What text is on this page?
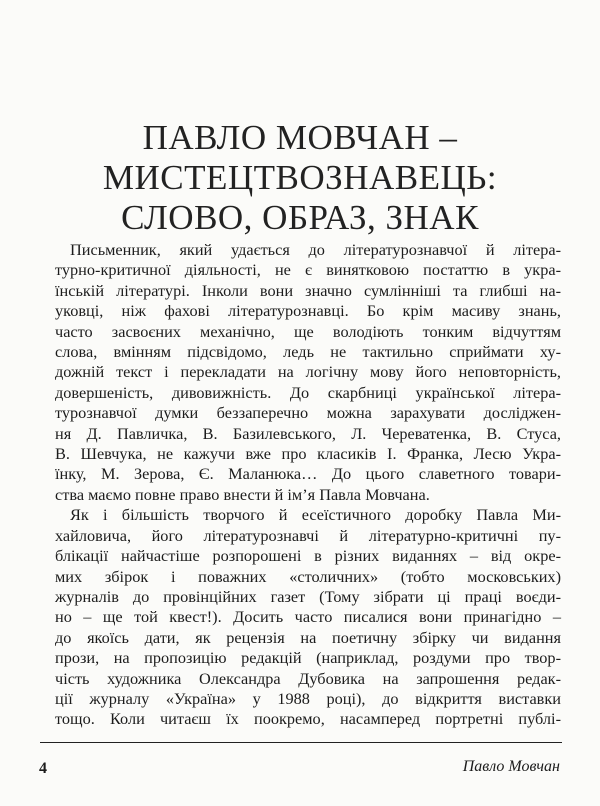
ПАВЛО МОВЧАН –
МИСТЕЦТВОЗНАВЕЦЬ:
СЛОВО, ОБРАЗ, ЗНАК
Письменник, який удається до літературознавчої й літера-
турно-критичної діяльності, не є винятковою постаттю в укра-
їнській літературі. Інколи вони значно сумлінніші та глибші на-
уковці, ніж фахові літературознавці. Бо крім масиву знань,
часто засвоєних механічно, ще володіють тонким відчуттям
слова, вмінням підсвідомо, ледь не тактильно сприймати ху-
дожній текст і перекладати на логічну мову його неповторність,
довершеність, дивовижність. До скарбниці української літера-
турознавчої думки беззаперечно можна зарахувати досліджен-
ня Д. Павличка, В. Базилевського, Л. Череватенка, В. Стуса,
В. Шевчука, не кажучи вже про класиків І. Франка, Лесю Укра-
їнку, М. Зерова, Є. Маланюка… До цього славетного товари-
ства маємо повне право внести й ім’я Павла Мовчана.
Як і більшість творчого й есеїстичного доробку Павла Ми-
хайловича, його літературознавчі й літературно-критичні пу-
блікації найчастіше розпорошені в різних виданнях – від окре-
мих збірок і поважних «столичних» (тобто московських)
журналів до провінційних газет (Тому зібрати ці праці воєди-
но – ще той квест!). Досить часто писалися вони принагідно –
до якоїсь дати, як рецензія на поетичну збірку чи видання
прози, на пропозицію редакцій (наприклад, роздуми про твор-
чість художника Олександра Дубовика на запрошення редак-
ції журналу «Україна» у 1988 році), до відкриття виставки
тощо. Коли читаєш їх поокремо, насамперед портретні публі-
4	Павло Мовчан
